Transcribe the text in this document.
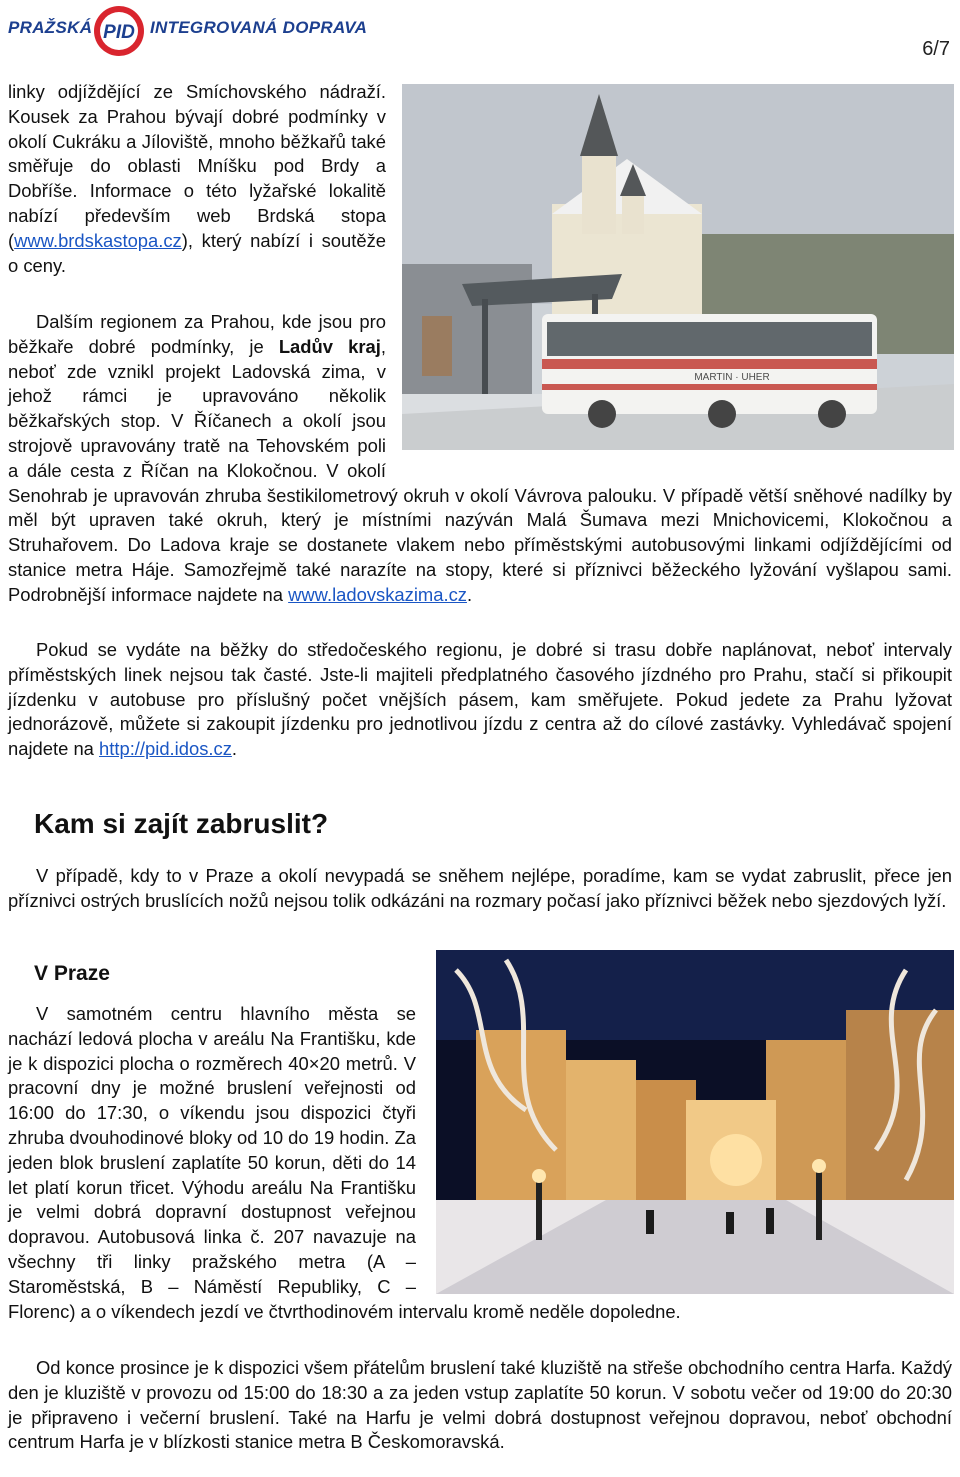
PRAŽSKÁ PID INTEGROVANÁ DOPRAVA
6/7

linky odjíždějící ze Smíchovského nádraží. Kousek za Prahou bývají dobré podmínky v okolí Cukráku a Jíloviště, mnoho běžkařů také směřuje do oblasti Mníšku pod Brdy a Dobříše. Informace o této lyžařské lokalitě nabízí především web Brdská stopa (www.brdskastopa.cz), který nabízí i soutěže o ceny.

MARTIN · UHER

Dalším regionem za Prahou, kde jsou pro běžkaře dobré podmínky, je Ladův kraj, neboť zde vznikl projekt Ladovská zima, v jehož rámci je upravováno několik běžkařských stop. V Říčanech a okolí jsou strojově upravovány tratě na Tehovském poli a dále cesta z Říčan na Klokočnou. V okolí Senohrab je upravován zhruba šestikilometrový okruh v okolí Vávrova palouku. V případě větší sněhové nadílky by měl být upraven také okruh, který je místními nazýván Malá Šumava mezi Mnichovicemi, Klokočnou a Struhařovem. Do Ladova kraje se dostanete vlakem nebo příměstskými autobusovými linkami odjíždějícími od stanice metra Háje. Samozřejmě také narazíte na stopy, které si příznivci běžeckého lyžování vyšlapou sami. Podrobnější informace najdete na www.ladovskazima.cz.

Pokud se vydáte na běžky do středočeského regionu, je dobré si trasu dobře naplánovat, neboť intervaly příměstských linek nejsou tak časté. Jste-li majiteli předplatného časového jízdného pro Prahu, stačí si přikoupit jízdenku v autobuse pro příslušný počet vnějších pásem, kam směřujete. Pokud jedete za Prahu lyžovat jednorázově, můžete si zakoupit jízdenku pro jednotlivou jízdu z centra až do cílové zastávky. Vyhledávač spojení najdete na http://pid.idos.cz.

Kam si zajít zabruslit?

V případě, kdy to v Praze a okolí nevypadá se sněhem nejlépe, poradíme, kam se vydat zabruslit, přece jen příznivci ostrých bruslících nožů nejsou tolik odkázáni na rozmary počasí jako příznivci běžek nebo sjezdových lyží.

V Praze

V samotném centru hlavního města se nachází ledová plocha v areálu Na Františku, kde je k dispozici plocha o rozměrech 40×20 metrů. V pracovní dny je možné bruslení veřejnosti od 16:00 do 17:30, o víkendu jsou dispozici čtyři zhruba dvouhodinové bloky od 10 do 19 hodin. Za jeden blok bruslení zaplatíte 50 korun, děti do 14 let platí korun třicet. Výhodu areálu Na Františku je velmi dobrá dopravní dostupnost veřejnou dopravou. Autobusová linka č. 207 navazuje na všechny tři linky pražského metra (A – Staroměstská, B – Náměstí Republiky, C – Florenc) a o víkendech jezdí ve čtvrthodinovém intervalu kromě neděle dopoledne.

Od konce prosince je k dispozici všem přátelům bruslení také kluziště na střeše obchodního centra Harfa. Každý den je kluziště v provozu od 15:00 do 18:30 a za jeden vstup zaplatíte 50 korun. V sobotu večer od 19:00 do 20:30 je připraveno i večerní bruslení. Také na Harfu je velmi dobrá dostupnost veřejnou dopravou, neboť obchodní centrum Harfa je v blízkosti stanice metra B Českomoravská.
